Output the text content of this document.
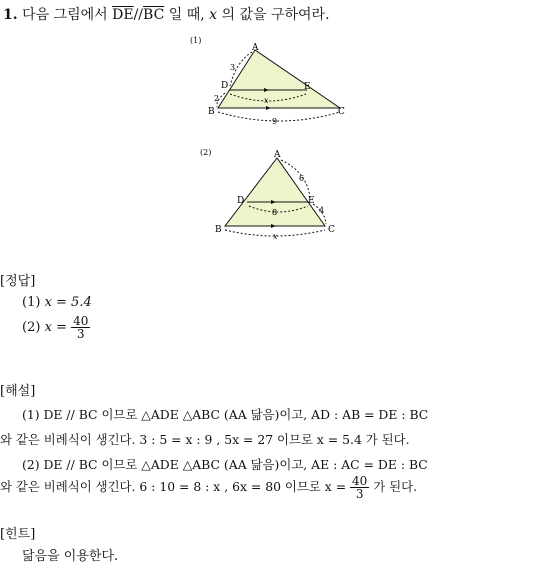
1. 다음 그림에서 $\overline{DE}//\overline{BC}$ 일 때, x 의 값을 구하여라.
(1)
A
D	E
B	C
3
2	x
9
(2)	A
D	E
B	C
6
4
8
x
[정답]
(1) x = 5.4
(2) $x = \frac{40}{3}$
[해설]
(1) DE // BC 이므로 △ADE △ABC (AA 닮음)이고, AD : AB = DE : BC
와 같은 비례식이 생긴다. 3 : 5 = x : 9 , 5x = 27 이므로 x = 5.4 가 된다.
(2) DE // BC 이므로 △ADE △ABC (AA 닮음)이고, AE : AC = DE : BC
와 같은 비례식이 생긴다. 6 : 10 = 8 : x , 6x = 80 이므로 $x = \frac{40}{3}$ 가 된다.
[힌트]
닮음을 이용한다.
